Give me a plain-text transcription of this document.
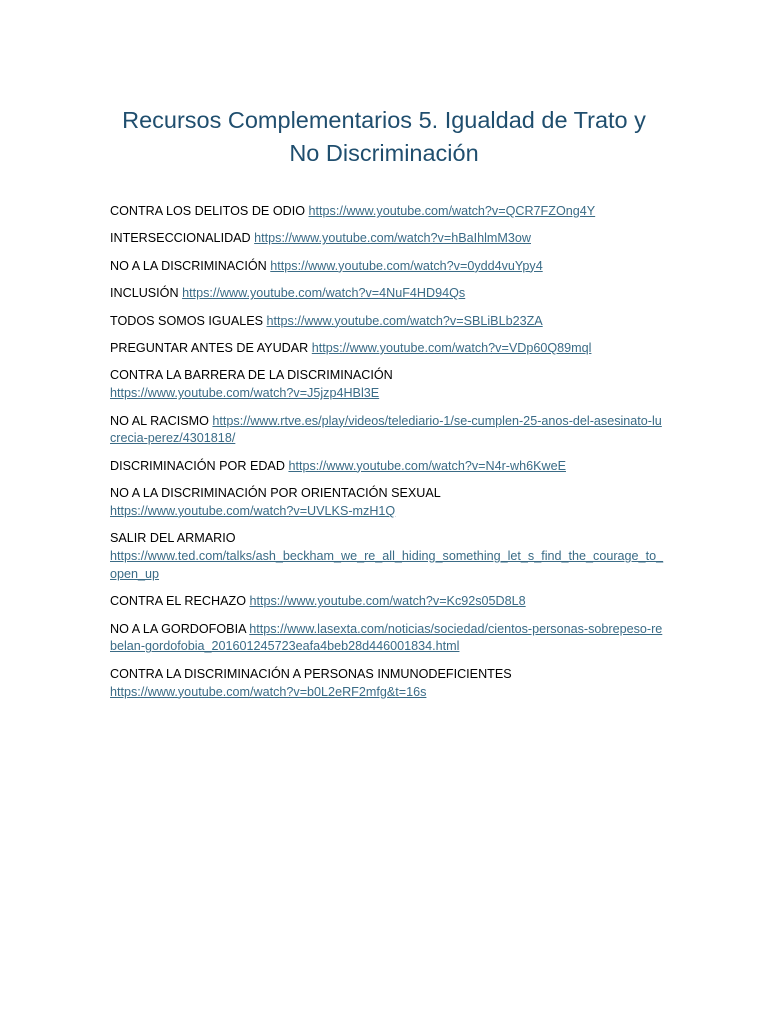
Recursos Complementarios 5. Igualdad de Trato y No Discriminación

CONTRA LOS DELITOS DE ODIO https://www.youtube.com/watch?v=QCR7FZOng4Y

INTERSECCIONALIDAD https://www.youtube.com/watch?v=hBaIhlmM3ow

NO A LA DISCRIMINACIÓN https://www.youtube.com/watch?v=0ydd4vuYpy4

INCLUSIÓN https://www.youtube.com/watch?v=4NuF4HD94Qs

TODOS SOMOS IGUALES https://www.youtube.com/watch?v=SBLiBLb23ZA

PREGUNTAR ANTES DE AYUDAR https://www.youtube.com/watch?v=VDp60Q89mql

CONTRA LA BARRERA DE LA DISCRIMINACIÓN
https://www.youtube.com/watch?v=J5jzp4HBl3E

NO AL RACISMO https://www.rtve.es/play/videos/telediario-1/se-cumplen-25-anos-del-asesinato-lucrecia-perez/4301818/

DISCRIMINACIÓN POR EDAD https://www.youtube.com/watch?v=N4r-wh6KweE

NO A LA DISCRIMINACIÓN POR ORIENTACIÓN SEXUAL
https://www.youtube.com/watch?v=UVLKS-mzH1Q

SALIR DEL ARMARIO
https://www.ted.com/talks/ash_beckham_we_re_all_hiding_something_let_s_find_the_courage_to_open_up

CONTRA EL RECHAZO https://www.youtube.com/watch?v=Kc92s05D8L8

NO A LA GORDOFOBIA https://www.lasexta.com/noticias/sociedad/cientos-personas-sobrepeso-rebelan-gordofobia_201601245723eafa4beb28d446001834.html

CONTRA LA DISCRIMINACIÓN A PERSONAS INMUNODEFICIENTES
https://www.youtube.com/watch?v=b0L2eRF2mfg&t=16s
